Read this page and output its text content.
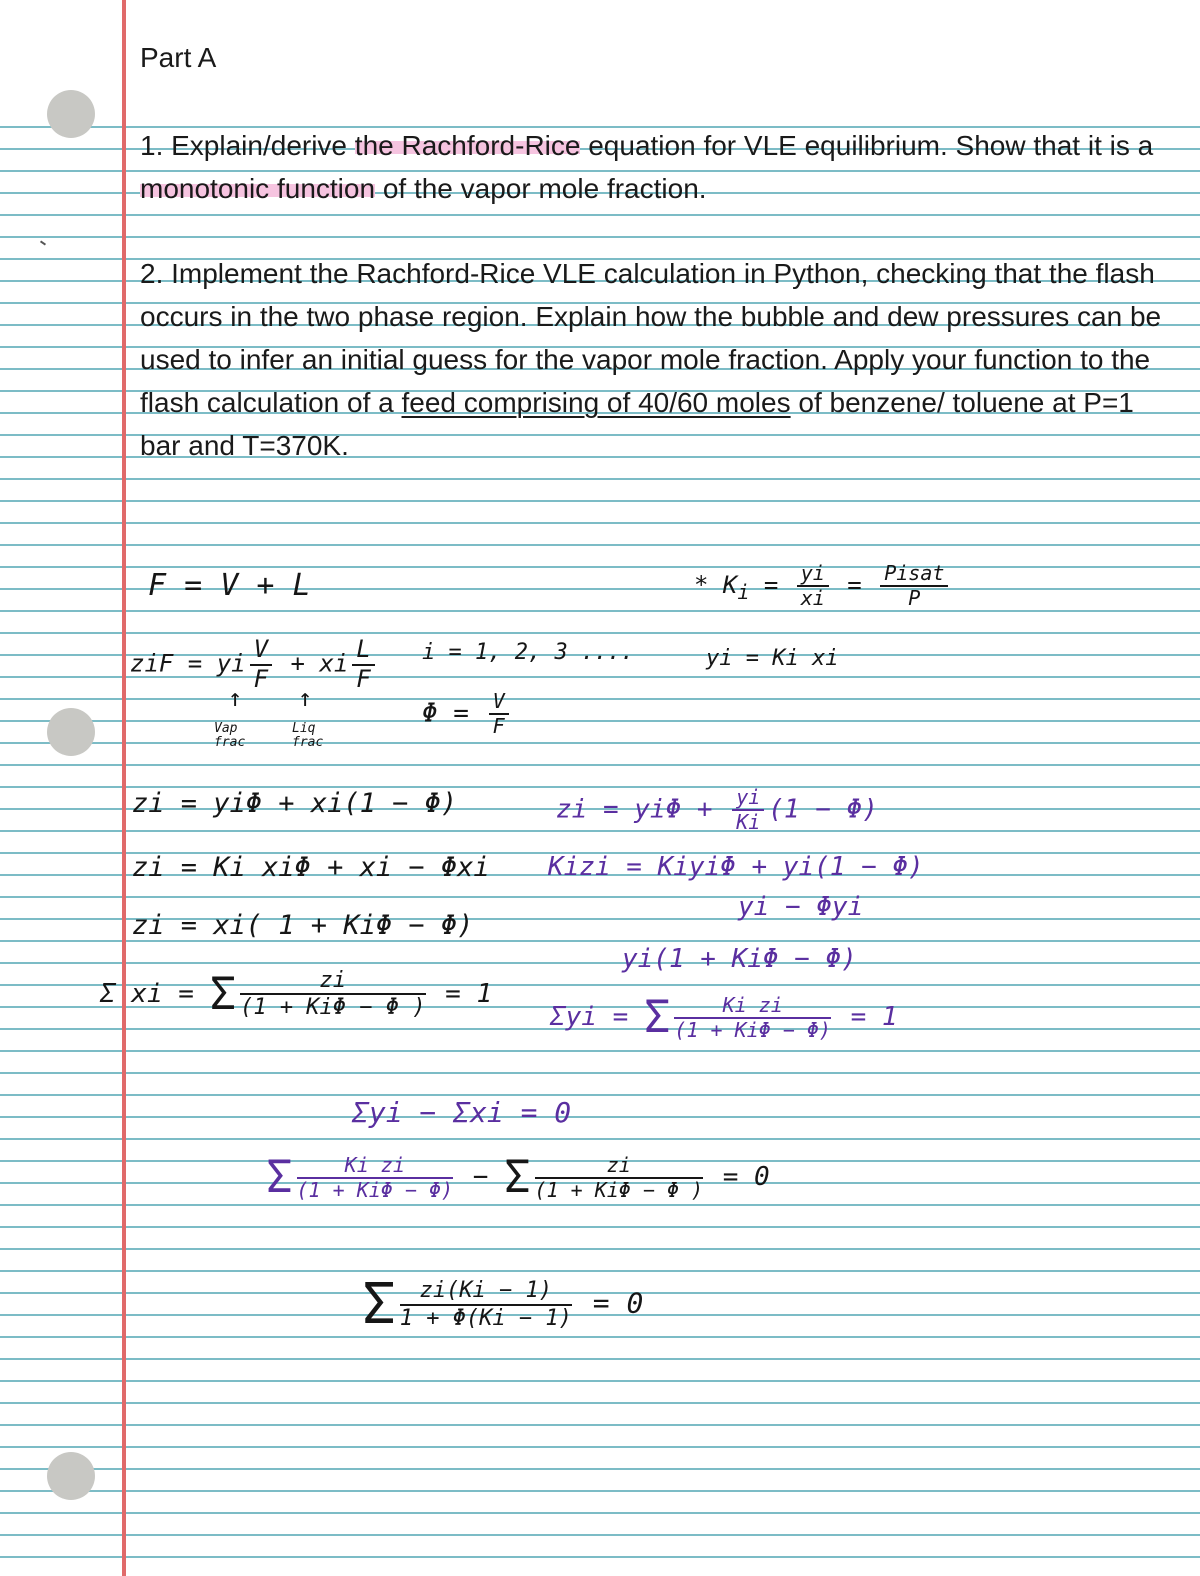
Part A

1. Explain/derive the Rachford-Rice equation for VLE equilibrium. Show that it is a monotonic function of the vapor mole fraction.

2. Implement the Rachford-Rice VLE calculation in Python, checking that the flash occurs in the two phase region. Explain how the bubble and dew pressures can be used to infer an initial guess for the vapor mole fraction. Apply your function to the flash calculation of a feed comprising of 40/60 moles of benzene/ toluene at P=1 bar and T=370K.

F = V + L

ziF = yi $\frac{V}{F}$ + xi $\frac{L}{F}$

↑ ↑

Vap frac

Liq frac

zi = yiΦ + xi(1 − Φ)

zi = Ki xiΦ + xi − Φxi

zi = xi( 1 + KiΦ − Φ)

Σ xi = Σ $\frac{zi}{\text{(1 + KiΦ − Φ )}} = 1$

i = 1, 2, 3 ....

$\Phi = \frac{V}{F}$

* $K_i = \frac{yi}{xi} = \frac{\text{Pisat}}{P}$

yi = Ki xi

zi = $yi\Phi + \frac{yi}{Ki} (1 - \Phi)$

Kizi = KiyiΦ + yi(1 − Φ)

yi − Φyi

yi(1 + KiΦ − Φ)

Σyi = Σ $\frac{\text{Ki zi}}{\text{(1 + KiΦ − Φ)}} = 1$

Σyi − Σxi = 0

Σ $\frac{\text{Ki zi}}{\text{(1 + KiΦ − Φ)}} - \Sigma \frac{zi}{\text{(1 + KiΦ − Φ )}} = 0$

Σ $\frac{zi(Ki - 1)}{1 + \Phi(Ki - 1)} = 0$
